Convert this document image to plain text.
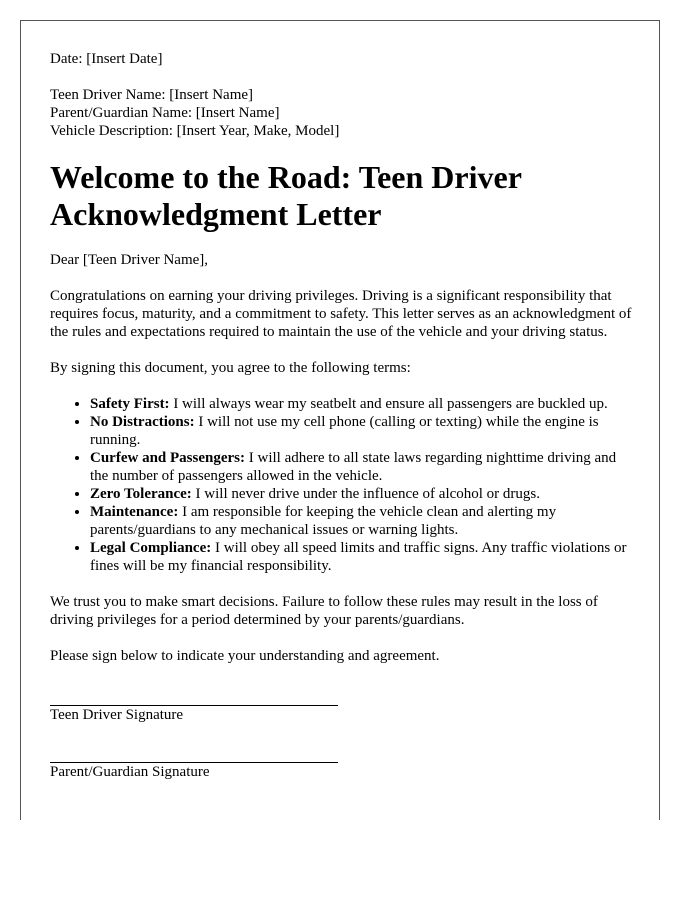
Date: [Insert Date]

Teen Driver Name: [Insert Name]

Parent/Guardian Name: [Insert Name]

Vehicle Description: [Insert Year, Make, Model]

Welcome to the Road: Teen Driver Acknowledgment Letter

Dear [Teen Driver Name],

Congratulations on earning your driving privileges. Driving is a significant responsibility that requires focus, maturity, and a commitment to safety. This letter serves as an acknowledgment of the rules and expectations required to maintain the use of the vehicle and your driving status.

By signing this document, you agree to the following terms:

• Safety First: I will always wear my seatbelt and ensure all passengers are buckled up.
• No Distractions: I will not use my cell phone (calling or texting) while the engine is running.
• Curfew and Passengers: I will adhere to all state laws regarding nighttime driving and the number of passengers allowed in the vehicle.
• Zero Tolerance: I will never drive under the influence of alcohol or drugs.
• Maintenance: I am responsible for keeping the vehicle clean and alerting my parents/guardians to any mechanical issues or warning lights.
• Legal Compliance: I will obey all speed limits and traffic signs. Any traffic violations or fines will be my financial responsibility.

We trust you to make smart decisions. Failure to follow these rules may result in the loss of driving privileges for a period determined by your parents/guardians.

Please sign below to indicate your understanding and agreement.

Teen Driver Signature

Parent/Guardian Signature
